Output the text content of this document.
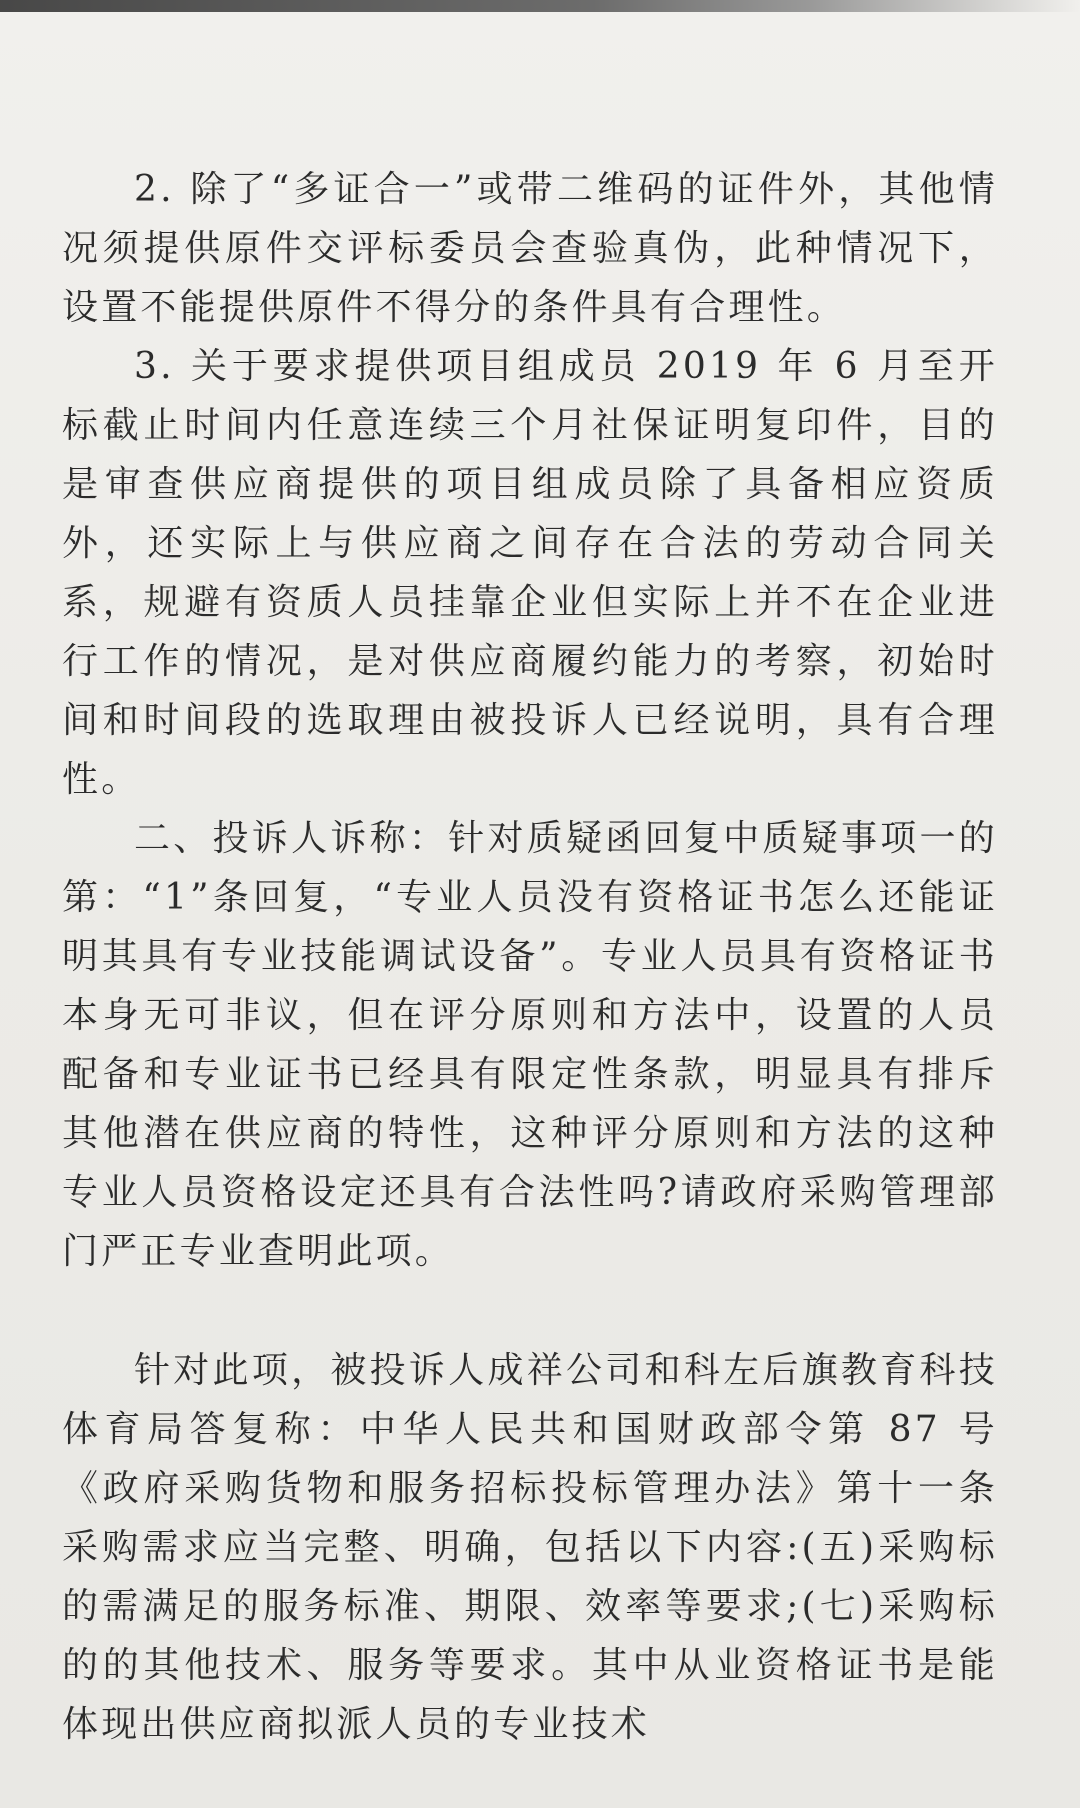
2. 除了“多证合一”或带二维码的证件外，其他情况须提供原件交评标委员会查验真伪，此种情况下，设置不能提供原件不得分的条件具有合理性。

3. 关于要求提供项目组成员 2019 年 6 月至开标截止时间内任意连续三个月社保证明复印件，目的是审查供应商提供的项目组成员除了具备相应资质外，还实际上与供应商之间存在合法的劳动合同关系，规避有资质人员挂靠企业但实际上并不在企业进行工作的情况，是对供应商履约能力的考察，初始时间和时间段的选取理由被投诉人已经说明，具有合理性。

二、投诉人诉称：针对质疑函回复中质疑事项一的第：“1”条回复，“专业人员没有资格证书怎么还能证明其具有专业技能调试设备”。专业人员具有资格证书本身无可非议，但在评分原则和方法中，设置的人员配备和专业证书已经具有限定性条款，明显具有排斥其他潜在供应商的特性，这种评分原则和方法的这种专业人员资格设定还具有合法性吗?请政府采购管理部门严正专业查明此项。

针对此项，被投诉人成祥公司和科左后旗教育科技体育局答复称：中华人民共和国财政部令第 87 号《政府采购货物和服务招标投标管理办法》第十一条采购需求应当完整、明确，包括以下内容:(五)采购标的需满足的服务标准、期限、效率等要求;(七)采购标的的其他技术、服务等要求。其中从业资格证书是能体现出供应商拟派人员的专业技术
